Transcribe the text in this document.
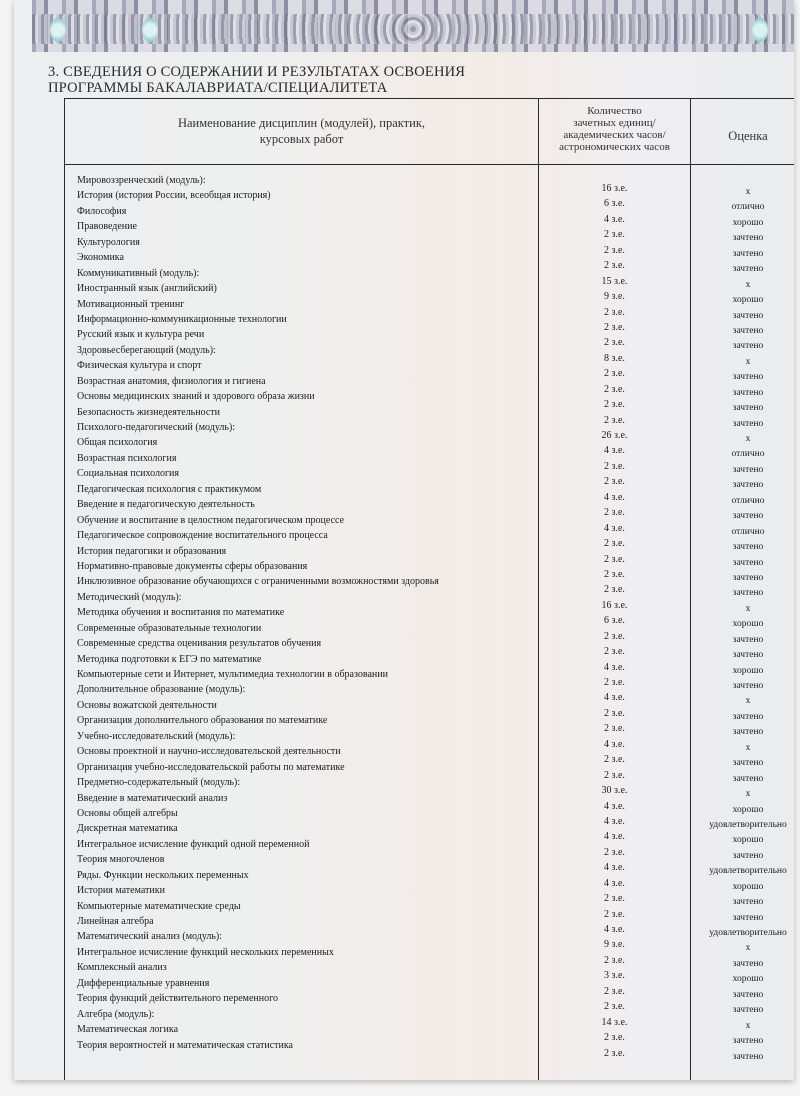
3. СВЕДЕНИЯ О СОДЕРЖАНИИ И РЕЗУЛЬТАТАХ ОСВОЕНИЯ
ПРОГРАММЫ БАКАЛАВРИАТА/СПЕЦИАЛИТЕТА
Наименование дисциплин (модулей), практик,
курсовых работ
Количество
зачетных единиц/
академических часов/
астрономических часов
Оценка
Мировоззренческий (модуль):
История (история России, всеобщая история)
Философия
Правоведение
Культурология
Экономика
Коммуникативный (модуль):
Иностранный язык (английский)
Мотивационный тренинг
Информационно-коммуникационные технологии
Русский язык и культура речи
Здоровьесберегающий (модуль):
Физическая культура и спорт
Возрастная анатомия, физиология и гигиена
Основы медицинских знаний и здорового образа жизни
Безопасность жизнедеятельности
Психолого-педагогический (модуль):
Общая психология
Возрастная психология
Социальная психология
Педагогическая психология с практикумом
Введение в педагогическую деятельность
Обучение и воспитание в целостном педагогическом процессе
Педагогическое сопровождение воспитательного процесса
История педагогики и образования
Нормативно-правовые документы сферы образования
Инклюзивное образование обучающихся с ограниченными возможностями здоровья
Методический (модуль):
Методика обучения и воспитания по математике
Современные образовательные технологии
Современные средства оценивания результатов обучения
Методика подготовки к ЕГЭ по математике
Компьютерные сети и Интернет, мультимедиа технологии в образовании
Дополнительное образование (модуль):
Основы вожатской деятельности
Организация дополнительного образования по математике
Учебно-исследовательский (модуль):
Основы проектной и научно-исследовательской деятельности
Организация учебно-исследовательской работы по математике
Предметно-содержательный (модуль):
Введение в математический анализ
Основы общей алгебры
Дискретная математика
Интегральное исчисление функций одной переменной
Теория многочленов
Ряды. Функции нескольких переменных
История математики
Компьютерные математические среды
Линейная алгебра
Математический анализ (модуль):
Интегральное исчисление функций нескольких переменных
Комплексный анализ
Дифференциальные уравнения
Теория функций действительного переменного
Алгебра (модуль):
Математическая логика
Теория вероятностей и математическая статистика
16 з.е.
6 з.е.
4 з.е.
2 з.е.
2 з.е.
2 з.е.
15 з.е.
9 з.е.
2 з.е.
2 з.е.
2 з.е.
8 з.е.
2 з.е.
2 з.е.
2 з.е.
2 з.е.
26 з.е.
4 з.е.
2 з.е.
2 з.е.
4 з.е.
2 з.е.
4 з.е.
2 з.е.
2 з.е.
2 з.е.
2 з.е.
16 з.е.
6 з.е.
2 з.е.
2 з.е.
4 з.е.
2 з.е.
4 з.е.
2 з.е.
2 з.е.
4 з.е.
2 з.е.
2 з.е.
30 з.е.
4 з.е.
4 з.е.
4 з.е.
2 з.е.
4 з.е.
4 з.е.
2 з.е.
2 з.е.
4 з.е.
9 з.е.
2 з.е.
3 з.е.
2 з.е.
2 з.е.
14 з.е.
2 з.е.
2 з.е.
х
отлично
хорошо
зачтено
зачтено
зачтено
х
хорошо
зачтено
зачтено
зачтено
х
зачтено
зачтено
зачтено
зачтено
х
отлично
зачтено
зачтено
отлично
зачтено
отлично
зачтено
зачтено
зачтено
зачтено
х
хорошо
зачтено
зачтено
хорошо
зачтено
х
зачтено
зачтено
х
зачтено
зачтено
х
хорошо
удовлетворительно
хорошо
зачтено
удовлетворительно
хорошо
зачтено
зачтено
удовлетворительно
х
зачтено
хорошо
зачтено
зачтено
х
зачтено
зачтено
